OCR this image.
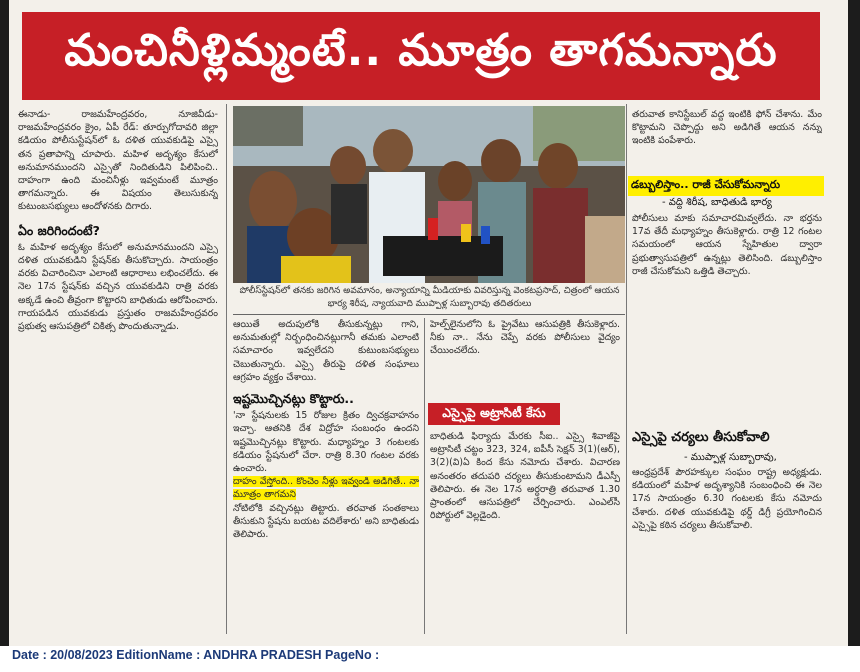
మంచినీళ్లిమ్మంటే.. మూత్రం తాగమన్నారు

ఈనాడు- రాజమహేంద్రవరం, నూజివీడు- రాజమహేంద్రవరం క్రైం, ఏపీ రేడ్: తూర్పుగోదావరి జిల్లా కడియం పోలీసుస్టేషన్‌లో ఓ దళిత యువకుడిపై ఎస్సై తన ప్రతాపాన్ని చూపారు. మహిళ అదృశ్యం కేసులో అనుమానముందని ఎస్సైతో నిందితుడిని పిలిపించి.. దాహంగా ఉంది మంచినీళ్లు ఇవ్వమంటే మూత్రం తాగమన్నారు. ఈ విషయం తెలుసుకున్న కుటుంబసభ్యులు ఆందోళనకు దిగారు.

ఏం జరిగిందంటే?

ఓ మహిళ అదృశ్యం కేసులో అనుమానముందని ఎస్సై దళిత యువకుడిని స్టేషన్‌కు తీసుకొచ్చారు. సాయంత్రం వరకు విచారించినా ఎలాంటి ఆధారాలు లభించలేదు. ఈ నెల 17న స్టేషన్‌కు వచ్చిన యువకుడిని రాత్రి వరకు అక్కడే ఉంచి తీవ్రంగా కొట్టారని బాధితుడు ఆరోపించారు. గాయపడిన యువకుడు ప్రస్తుతం రాజమహేంద్రవరం ప్రభుత్వ ఆసుపత్రిలో చికిత్స పొందుతున్నాడు.

పోలీస్‌స్టేషన్‌లో తనకు జరిగిన అవమానం, అన్యాయాన్ని మీడియాకు వివరిస్తున్న వెంకటప్రసాద్, చిత్రంలో ఆయన భార్య శిరీష, న్యాయవాది ముప్పాళ్ల సుబ్బారావు తదితరులు

ఆయితే అదుపులోకి తీసుకున్నట్లు గాని, అనుమతుల్లో నిర్బంధించినట్లుగానీ తమకు ఎలాంటి సమాచారం ఇవ్వలేదని కుటుంబసభ్యులు చెబుతున్నారు. ఎస్సై తీరుపై దళిత సంఘాలు ఆగ్రహం వ్యక్తం చేశాయి.

ఇష్టమొచ్చినట్లు కొట్టారు..

'నా స్టేషనులకు 15 రోజుల క్రితం ద్విచక్రవాహనం ఇచ్చా. ఆతనికి దేశ విద్రోహ సంబంధం ఉందని ఇష్టమొచ్చినట్లు కొట్టారు. మధ్యాహ్నం 3 గంటలకు కడియం స్టేషనులో చేరా. రాత్రి 8.30 గంటల వరకు ఉంచారు.

దాహం వేస్తోంది.. కొంచెం నీళ్లు ఇవ్వండి అడిగితే.. నా మూత్రం తాగమని

నోటిలోకి వచ్చినట్లు తిట్టారు. తరవాత సంతకాలు తీసుకుని స్టేషను బయట వదిలేశారు' అని బాధితుడు తెలిపారు.

హెల్ప్‌లైనులోని ఓ ప్రైవేటు ఆసుపత్రికి తీసుకెళ్లారు. నీకు నా.. నేను చెప్పే వరకు పోలీసులు వైద్యం చేయించలేదు.

ఎస్సైపై అట్రాసిటీ కేసు

బాధితుడి ఫిర్యాదు మేరకు సీఐ.. ఎస్సై శివాజీపై అట్రాసిటీ చట్టం 323, 324, ఐపీసీ సెక్షన్ 3(1)(ఆర్), 3(2)(వి)ఏ కింద కేసు నమోదు చేశారు. విచారణ అనంతరం తదుపరి చర్యలు తీసుకుంటామని డీఎస్పీ తెలిపారు. ఈ నెల 17న అర్ధరాత్రి తరువాత 1.30 ప్రాంతంలో ఆసుపత్రిలో చేర్పించారు. ఎంఎల్‌సీ రిపోర్టులో వెల్లడైంది.

తరువాత కానిస్టేబుల్ వద్ద ఇంటికి ఫోన్ చేశాను. మేం కొట్టామని చెప్పొద్దు అని అడిగితే ఆయన నన్ను ఇంటికి పంపేశారు.

డబ్బులిస్తాం.. రాజీ చేసుకోమన్నారు
- వద్ది శిరీష, బాధితుడి భార్య

పోలీసులు మాకు సమాచారమివ్వలేదు. నా భర్తను 17వ తేదీ మధ్యాహ్నం తీసుకెళ్లారు. రాత్రి 12 గంటల సమయంలో ఆయన స్నేహితుల ద్వారా ప్రభుత్వాసుపత్రిలో ఉన్నట్లు తెలిసింది. డబ్బులిస్తాం రాజీ చేసుకోమని ఒత్తిడి తెచ్చారు.

ఎస్సైపై చర్యలు తీసుకోవాలి
- ముప్పాళ్ల సుబ్బారావు,

ఆంధ్రప్రదేశ్ పౌరహక్కుల సంఘం రాష్ట్ర అధ్యక్షుడు. కడియంలో మహిళ అదృశ్యానికి సంబంధించి ఈ నెల 17న సాయంత్రం 6.30 గంటలకు కేసు నమోదు చేశారు. దళిత యువకుడిపై థర్డ్ డిగ్రీ ప్రయోగించిన ఎస్సైపై కఠిన చర్యలు తీసుకోవాలి.

Date : 20/08/2023 EditionName : ANDHRA PRADESH PageNo :
